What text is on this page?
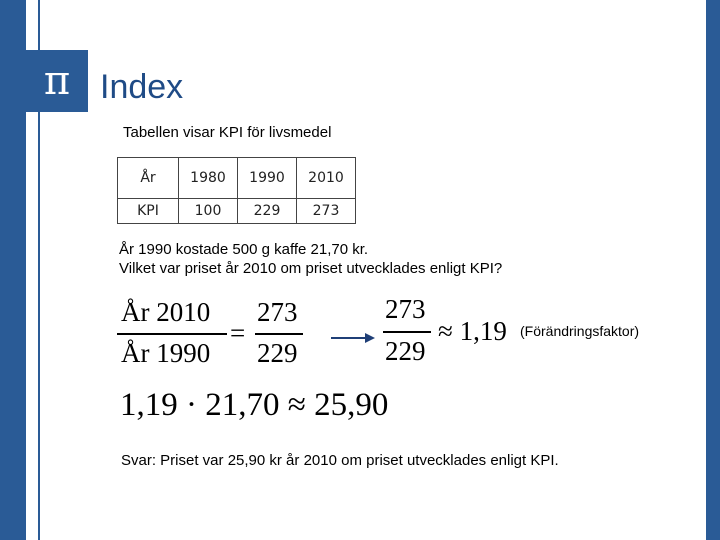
π Index
Tabellen visar KPI för livsmedel
År	1980	1990	2010
KPI	100	229	273
År 1990 kostade 500 g kaffe 21,70 kr.
Vilket var priset år 2010 om priset utvecklades enligt KPI?
År 2010
År 1990
=
273
229
273
229
≈ 1,19 (Förändringsfaktor)
1,19 · 21,70 ≈ 25,90
Svar: Priset var 25,90 kr år 2010 om priset utvecklades enligt KPI.
